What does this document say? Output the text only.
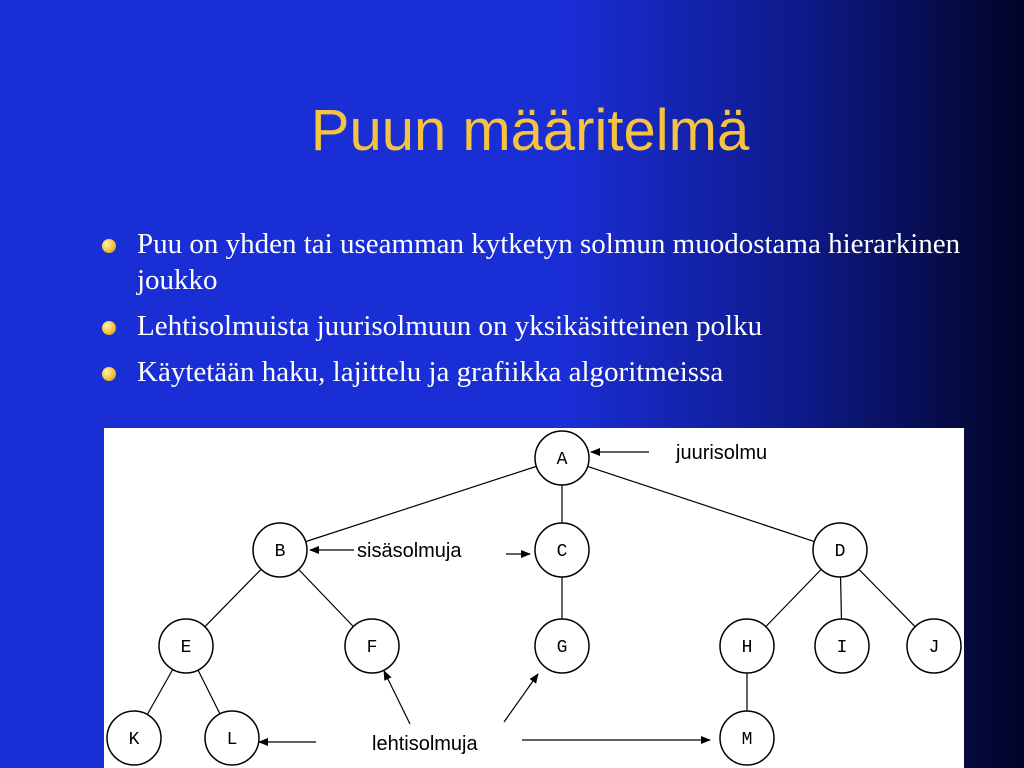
Puun määritelmä
Puu on yhden tai useamman kytketyn solmun muodostama hierarkinen joukko
Lehtisolmuista juurisolmuun on yksikäsitteinen polku
Käytetään haku, lajittelu ja grafiikka algoritmeissa
A
B	C	D
E	F	G	H	I	J
K	L	M
juurisolmu
sisäsolmuja
lehtisolmuja
